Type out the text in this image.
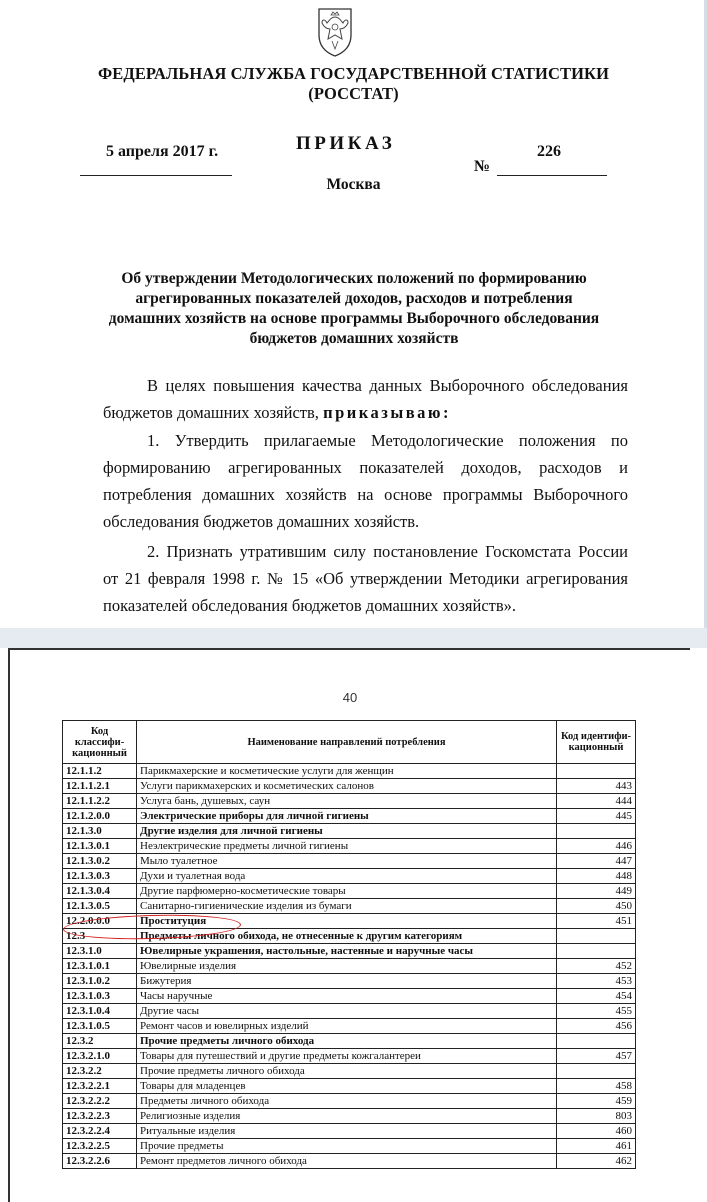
ФЕДЕРАЛЬНАЯ СЛУЖБА ГОСУДАРСТВЕННОЙ СТАТИСТИКИ
(РОССТАТ)
5 апреля 2017 г.	ПРИКАЗ
№
226
Москва
Об утверждении Методологических положений по формированию
агрегированных показателей доходов, расходов и потребления
домашних хозяйств на основе программы Выборочного обследования
бюджетов домашних хозяйств
В целях повышения качества данных Выборочного обследования бюджетов домашних хозяйств, приказываю:
1. Утвердить прилагаемые Методологические положения по формированию агрегированных показателей доходов, расходов и потребления домашних хозяйств на основе программы Выборочного обследования бюджетов домашних хозяйств.
2. Признать утратившим силу постановление Госкомстата России от 21 февраля 1998 г. № 15 «Об утверждении Методики агрегирования показателей обследования бюджетов домашних хозяйств».
40
Код классифи-кационный	Наименование направлений потребления	Код идентифи-кационный
12.1.1.2	Парикмахерские и косметические услуги для женщин	
12.1.1.2.1	Услуги парикмахерских и косметических салонов	443
12.1.1.2.2	Услуга бань, душевых, саун	444
12.1.2.0.0	Электрические приборы для личной гигиены	445
12.1.3.0	Другие изделия для личной гигиены	
12.1.3.0.1	Неэлектрические предметы личной гигиены	446
12.1.3.0.2	Мыло туалетное	447
12.1.3.0.3	Духи и туалетная вода	448
12.1.3.0.4	Другие парфюмерно-косметические товары	449
12.1.3.0.5	Санитарно-гигиенические изделия из бумаги	450
12.2.0.0.0	Проституция	451
12.3	Предметы личного обихода, не отнесенные к другим категориям	
12.3.1.0	Ювелирные украшения, настольные, настенные и наручные часы	
12.3.1.0.1	Ювелирные изделия	452
12.3.1.0.2	Бижутерия	453
12.3.1.0.3	Часы наручные	454
12.3.1.0.4	Другие часы	455
12.3.1.0.5	Ремонт часов и ювелирных изделий	456
12.3.2	Прочие предметы личного обихода	
12.3.2.1.0	Товары для путешествий и другие предметы кожгалантереи	457
12.3.2.2	Прочие предметы личного обихода	
12.3.2.2.1	Товары для младенцев	458
12.3.2.2.2	Предметы личного обихода	459
12.3.2.2.3	Религиозные изделия	803
12.3.2.2.4	Ритуальные изделия	460
12.3.2.2.5	Прочие предметы	461
12.3.2.2.6	Ремонт предметов личного обихода	462
